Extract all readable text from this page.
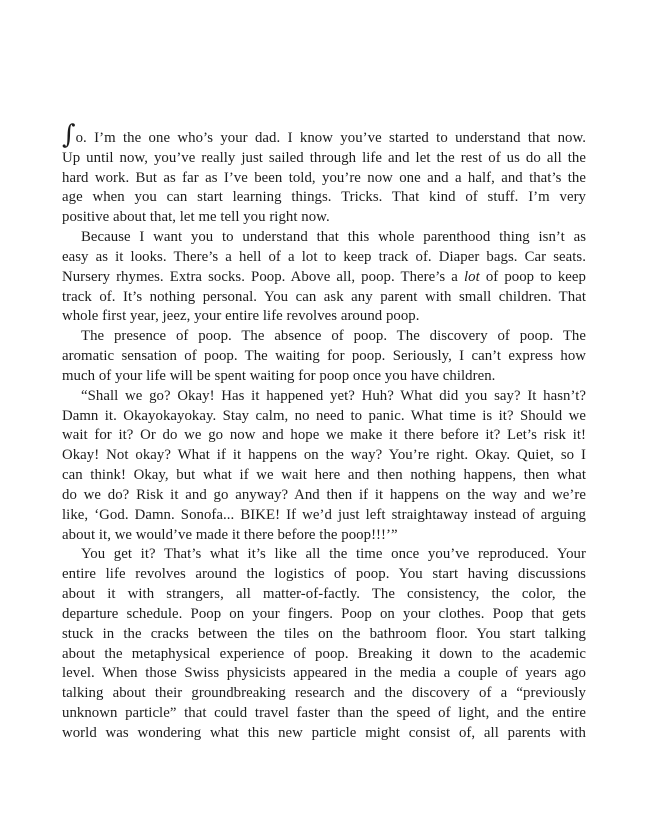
∫o. I’m the one who’s your dad. I know you’ve started to understand that now.
Up until now, you’ve really just sailed through life and let the rest of us do all the
hard work. But as far as I’ve been told, you’re now one and a half, and that’s the
age when you can start learning things. Tricks. That kind of stuff. I’m very
positive about that, let me tell you right now.
Because I want you to understand that this whole parenthood thing isn’t as
easy as it looks. There’s a hell of a lot to keep track of. Diaper bags. Car seats.
Nursery rhymes. Extra socks. Poop. Above all, poop. There’s a lot of poop to keep
track of. It’s nothing personal. You can ask any parent with small children. That
whole first year, jeez, your entire life revolves around poop.
The presence of poop. The absence of poop. The discovery of poop. The
aromatic sensation of poop. The waiting for poop. Seriously, I can’t express how
much of your life will be spent waiting for poop once you have children.
“Shall we go? Okay! Has it happened yet? Huh? What did you say? It hasn’t?
Damn it. Okayokayokay. Stay calm, no need to panic. What time is it? Should we
wait for it? Or do we go now and hope we make it there before it? Let’s risk it!
Okay! Not okay? What if it happens on the way? You’re right. Okay. Quiet, so I
can think! Okay, but what if we wait here and then nothing happens, then what
do we do? Risk it and go anyway? And then if it happens on the way and we’re
like, ‘God. Damn. Sonofa... BIKE! If we’d just left straightaway instead of arguing
about it, we would’ve made it there before the poop!!!’”
You get it? That’s what it’s like all the time once you’ve reproduced. Your
entire life revolves around the logistics of poop. You start having discussions
about it with strangers, all matter-of-factly. The consistency, the color, the
departure schedule. Poop on your fingers. Poop on your clothes. Poop that gets
stuck in the cracks between the tiles on the bathroom floor. You start talking
about the metaphysical experience of poop. Breaking it down to the academic
level. When those Swiss physicists appeared in the media a couple of years ago
talking about their groundbreaking research and the discovery of a “previously
unknown particle” that could travel faster than the speed of light, and the entire
world was wondering what this new particle might consist of, all parents with
